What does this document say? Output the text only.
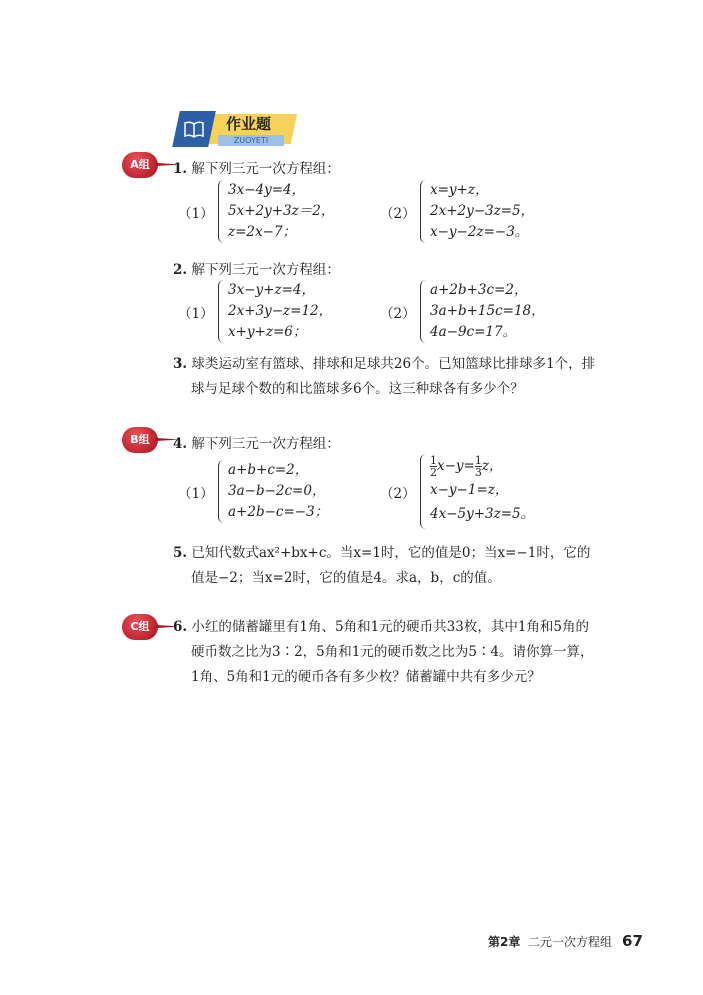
作业题
ZUOYETI
A组	1. 解下列三元一次方程组：
（1）
3x−4y=4，
5x+2y+3z＝2，
z=2x−7；
（2）
x=y+z，
2x+2y−3z=5，
x−y−2z=−3。
2. 解下列三元一次方程组：
（1）
3x−y+z=4，
2x+3y−z=12，
x+y+z=6；
（2）
a+2b+3c=2，
3a+b+15c=18，
4a−9c=17。
3. 球类运动室有篮球、排球和足球共26个。已知篮球比排球多1个，排
球与足球个数的和比篮球多6个。这三种球各有多少个？
B组	4. 解下列三元一次方程组：
（1）
a+b+c=2，
3a−b−2c=0，
a+2b−c=−3；
（2）
$\frac{1}{2} x-y= \frac{1}{3}$ z，
x−y−1=z，
4x−5y+3z=5。
5. 已知代数式ax²+bx+c。当x=1时，它的值是0；当x=−1时，它的
值是−2；当x=2时，它的值是4。求a，b，c的值。
C组	6. 小红的储蓄罐里有1角、5角和1元的硬币共33枚，其中1角和5角的
硬币数之比为3∶2，5角和1元的硬币数之比为5∶4。请你算一算，
1角、5角和1元的硬币各有多少枚？储蓄罐中共有多少元？
第2章 二元一次方程组 67
